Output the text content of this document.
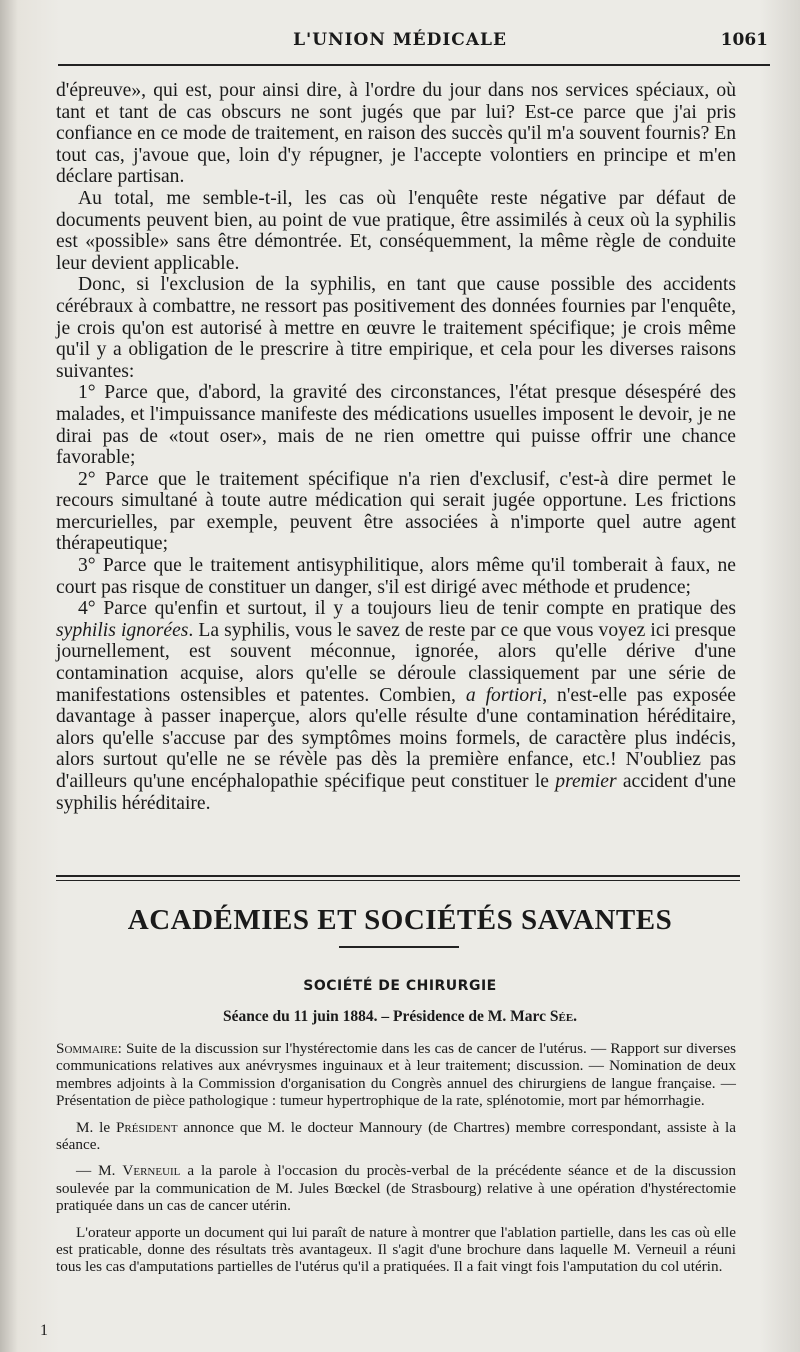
L'UNION MÉDICALE	1061

d'épreuve», qui est, pour ainsi dire, à l'ordre du jour dans nos services spéciaux, où tant et tant de cas obscurs ne sont jugés que par lui? Est-ce parce que j'ai pris confiance en ce mode de traitement, en raison des succès qu'il m'a souvent fournis? En tout cas, j'avoue que, loin d'y répugner, je l'accepte volontiers en principe et m'en déclare partisan.

Au total, me semble-t-il, les cas où l'enquête reste négative par défaut de documents peuvent bien, au point de vue pratique, être assimilés à ceux où la syphilis est «possible» sans être démontrée. Et, conséquemment, la même règle de conduite leur devient applicable.

Donc, si l'exclusion de la syphilis, en tant que cause possible des accidents cérébraux à combattre, ne ressort pas positivement des données fournies par l'enquête, je crois qu'on est autorisé à mettre en œuvre le traitement spécifique; je crois même qu'il y a obligation de le prescrire à titre empirique, et cela pour les diverses raisons suivantes:

1° Parce que, d'abord, la gravité des circonstances, l'état presque désespéré des malades, et l'impuissance manifeste des médications usuelles imposent le devoir, je ne dirai pas de «tout oser», mais de ne rien omettre qui puisse offrir une chance favorable;

2° Parce que le traitement spécifique n'a rien d'exclusif, c'est-à dire permet le recours simultané à toute autre médication qui serait jugée opportune. Les frictions mercurielles, par exemple, peuvent être associées à n'importe quel autre agent thérapeutique;

3° Parce que le traitement antisyphilitique, alors même qu'il tomberait à faux, ne court pas risque de constituer un danger, s'il est dirigé avec méthode et prudence;

4° Parce qu'enfin et surtout, il y a toujours lieu de tenir compte en pratique des syphilis ignorées. La syphilis, vous le savez de reste par ce que vous voyez ici presque journellement, est souvent méconnue, ignorée, alors qu'elle dérive d'une contamination acquise, alors qu'elle se déroule classiquement par une série de manifestations ostensibles et patentes. Combien, a fortiori, n'est-elle pas exposée davantage à passer inaperçue, alors qu'elle résulte d'une contamination héréditaire, alors qu'elle s'accuse par des symptômes moins formels, de caractère plus indécis, alors surtout qu'elle ne se révèle pas dès la première enfance, etc.! N'oubliez pas d'ailleurs qu'une encéphalopathie spécifique peut constituer le premier accident d'une syphilis héréditaire.

ACADÉMIES ET SOCIÉTÉS SAVANTES
SOCIÉTÉ DE CHIRURGIE
Séance du 11 juin 1884. – Présidence de M. Marc Sée.

Sommaire: Suite de la discussion sur l'hystérectomie dans les cas de cancer de l'utérus. — Rapport sur diverses communications relatives aux anévrysmes inguinaux et à leur traitement; discussion. — Nomination de deux membres adjoints à la Commission d'organisation du Congrès annuel des chirurgiens de langue française. — Présentation de pièce pathologique : tumeur hypertrophique de la rate, splénotomie, mort par hémorrhagie.

M. le Président annonce que M. le docteur Mannoury (de Chartres) membre correspondant, assiste à la séance.

— M. Verneuil a la parole à l'occasion du procès-verbal de la précédente séance et de la discussion soulevée par la communication de M. Jules Bœckel (de Strasbourg) relative à une opération d'hystérectomie pratiquée dans un cas de cancer utérin.

L'orateur apporte un document qui lui paraît de nature à montrer que l'ablation partielle, dans les cas où elle est praticable, donne des résultats très avantageux. Il s'agit d'une brochure dans laquelle M. Verneuil a réuni tous les cas d'amputations partielles de l'utérus qu'il a pratiquées. Il a fait vingt fois l'amputation du col utérin.

1
